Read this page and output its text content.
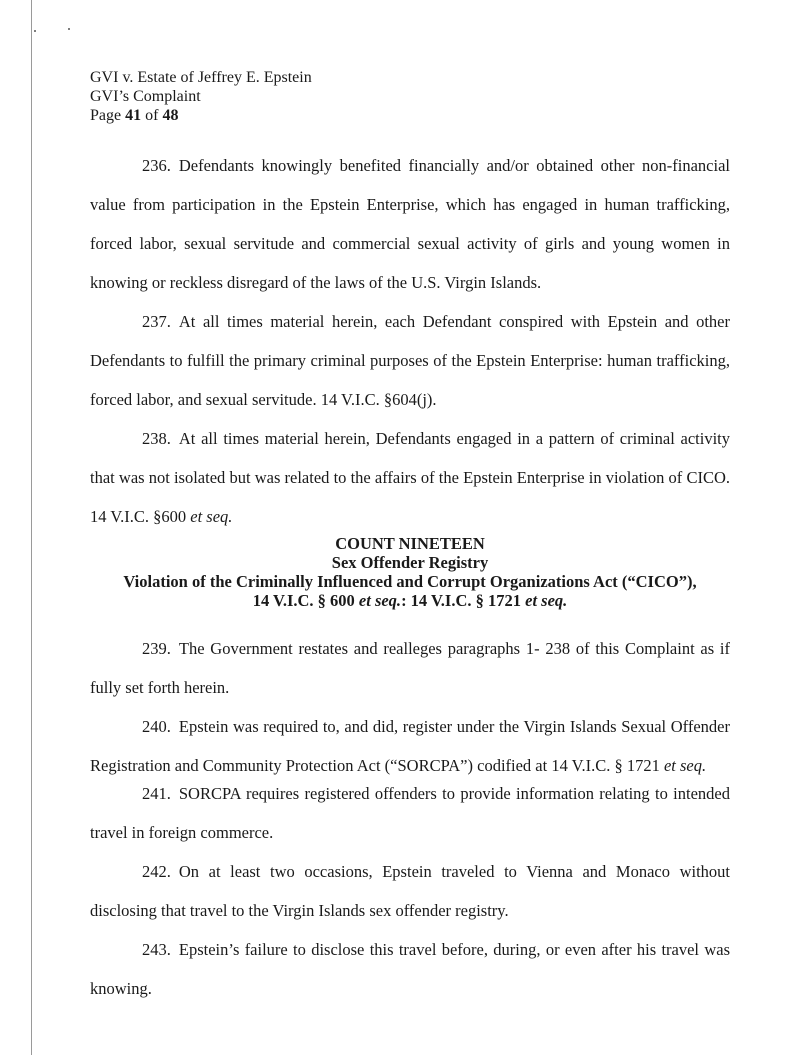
GVI v. Estate of Jeffrey E. Epstein
GVI’s Complaint
Page 41 of 48

236. Defendants knowingly benefited financially and/or obtained other non-financial value from participation in the Epstein Enterprise, which has engaged in human trafficking, forced labor, sexual servitude and commercial sexual activity of girls and young women in knowing or reckless disregard of the laws of the U.S. Virgin Islands.

237. At all times material herein, each Defendant conspired with Epstein and other Defendants to fulfill the primary criminal purposes of the Epstein Enterprise: human trafficking, forced labor, and sexual servitude. 14 V.I.C. §604(j).

238. At all times material herein, Defendants engaged in a pattern of criminal activity that was not isolated but was related to the affairs of the Epstein Enterprise in violation of CICO. 14 V.I.C. §600 et seq.

COUNT NINETEEN
Sex Offender Registry
Violation of the Criminally Influenced and Corrupt Organizations Act (“CICO”),
14 V.I.C. § 600 et seq.: 14 V.I.C. § 1721 et seq.

239. The Government restates and realleges paragraphs 1- 238 of this Complaint as if fully set forth herein.

240. Epstein was required to, and did, register under the Virgin Islands Sexual Offender Registration and Community Protection Act (“SORCPA”) codified at 14 V.I.C. § 1721 et seq.

241. SORCPA requires registered offenders to provide information relating to intended travel in foreign commerce.

242. On at least two occasions, Epstein traveled to Vienna and Monaco without disclosing that travel to the Virgin Islands sex offender registry.

243. Epstein’s failure to disclose this travel before, during, or even after his travel was knowing.
